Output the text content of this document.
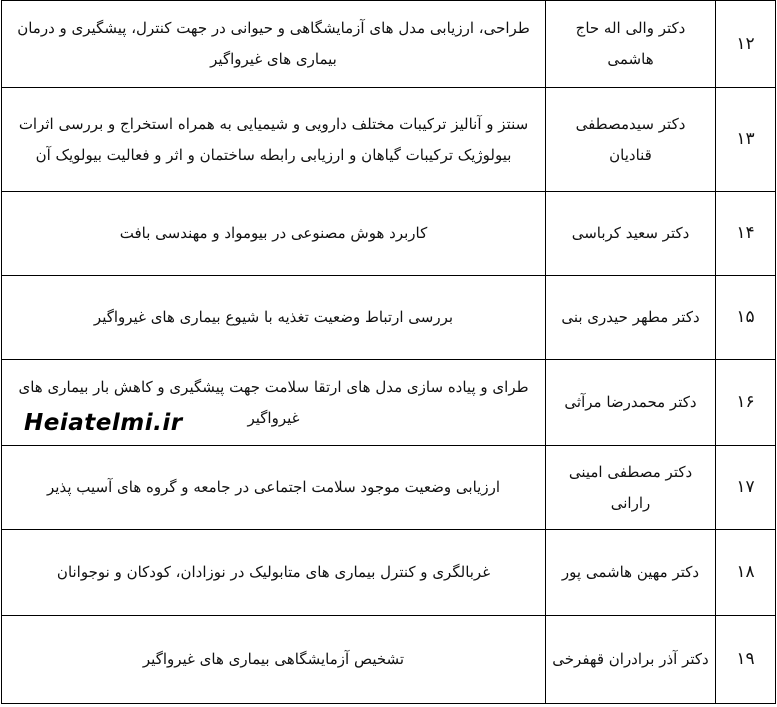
۱۲	دکتر والی اله حاج هاشمی	طراحی، ارزیابی مدل های آزمایشگاهی و حیوانی در جهت کنترل، پیشگیری و درمان بیماری های غیرواگیر
۱۳	دکتر سیدمصطفی قنادیان	سنتز و آنالیز ترکیبات مختلف دارویی و شیمیایی به همراه استخراج و بررسی اثرات بیولوژیک ترکیبات گیاهان و ارزیابی رابطه ساختمان و اثر و فعالیت بیولویک آن
۱۴	دکتر سعید کرباسی	کاربرد هوش مصنوعی در بیومواد و مهندسی بافت
۱۵	دکتر مطهر حیدری بنی	بررسی ارتباط وضعیت تغذیه با شیوع بیماری های غیرواگیر
۱۶	دکتر محمدرضا مرآثی	طرای و پیاده سازی مدل های ارتقا سلامت جهت پیشگیری و کاهش بار بیماری های غیرواگیر
۱۷	دکتر مصطفی امینی رارانی	ارزیابی وضعیت موجود سلامت اجتماعی در جامعه و گروه های آسیب پذیر
۱۸	دکتر مهین هاشمی پور	غربالگری و کنترل بیماری های متابولیک در نوزادان، کودکان و نوجوانان
۱۹	دکتر آذر برادران قهفرخی	تشخیص آزمایشگاهی بیماری های غیرواگیر
Heiatelmi.ir
